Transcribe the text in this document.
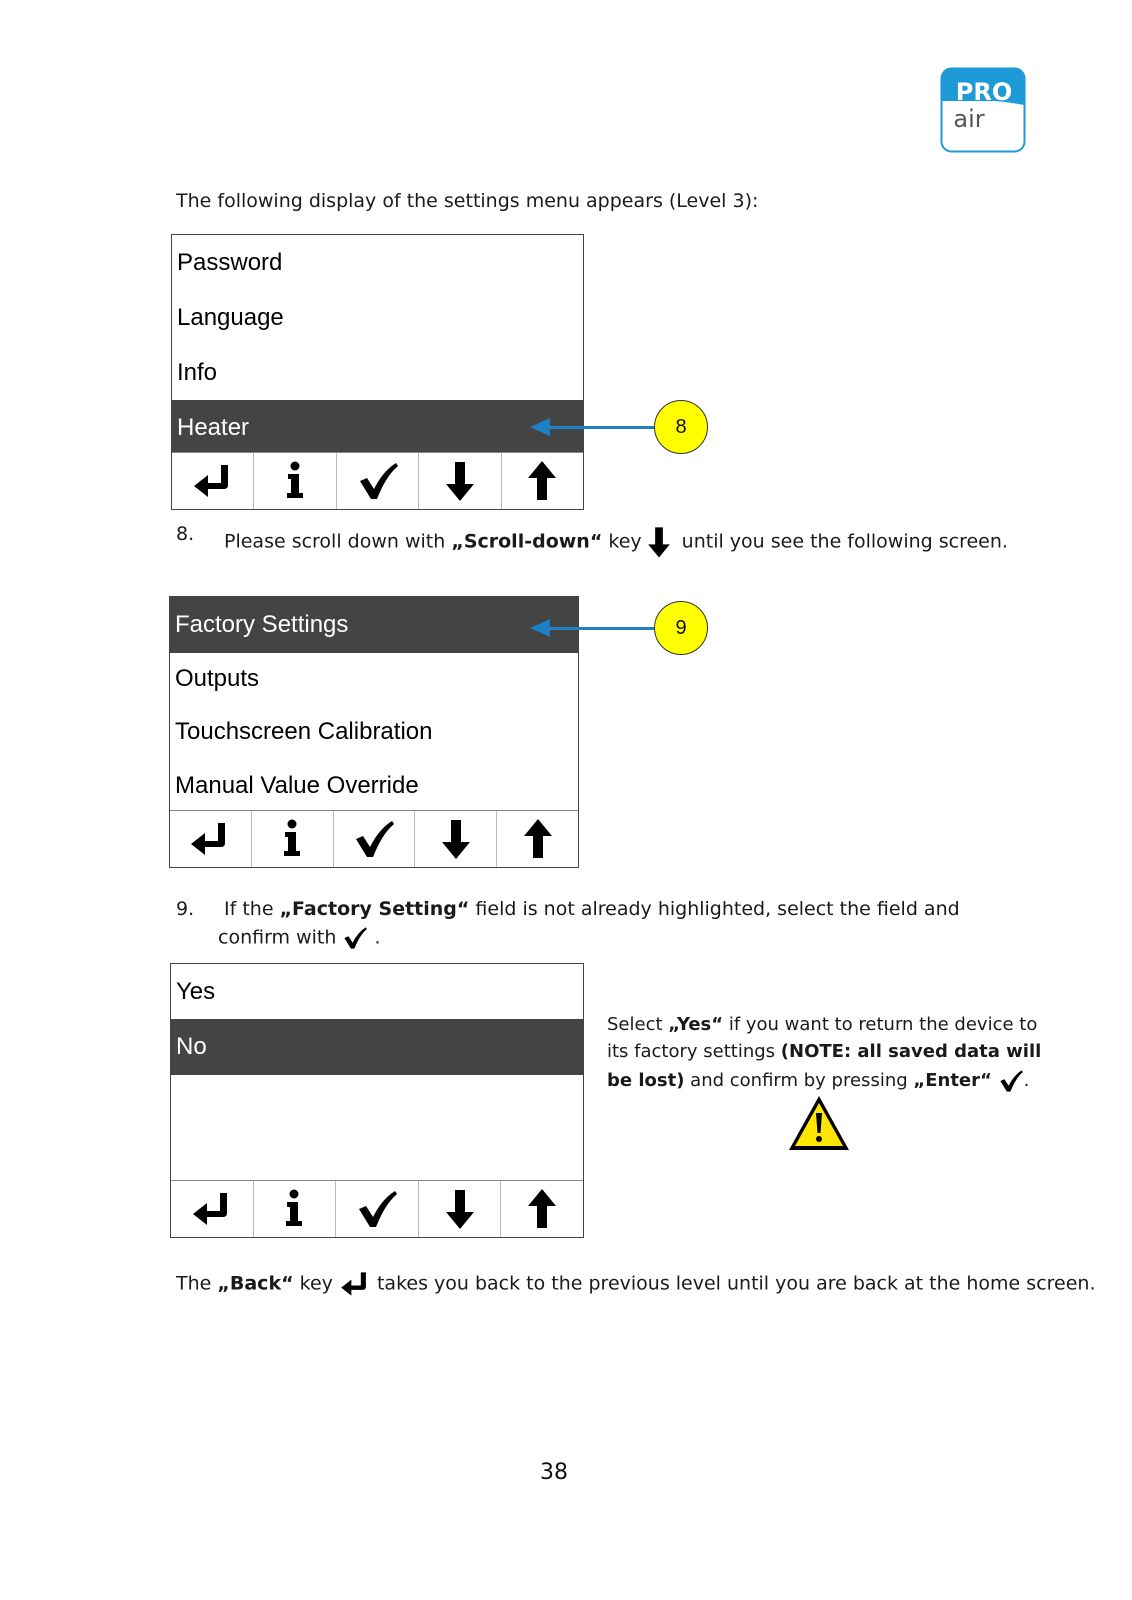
PRO
air
The following display of the settings menu appears (Level 3):
Password
Language
Info
Heater	8
8. Please scroll down with „Scroll-down“ key until you see the following screen.
Factory Settings
Outputs
Touchscreen Calibration
Manual Value Override
9
9. If the „Factory Setting“ field is not already highlighted, select the field and
confirm with .
Yes
No
Select „Yes“ if you want to return the device to
its factory settings (NOTE: all saved data will
be lost) and confirm by pressing „Enter“ .
The „Back“ key  takes you back to the previous level until you are back at the home screen.
38
